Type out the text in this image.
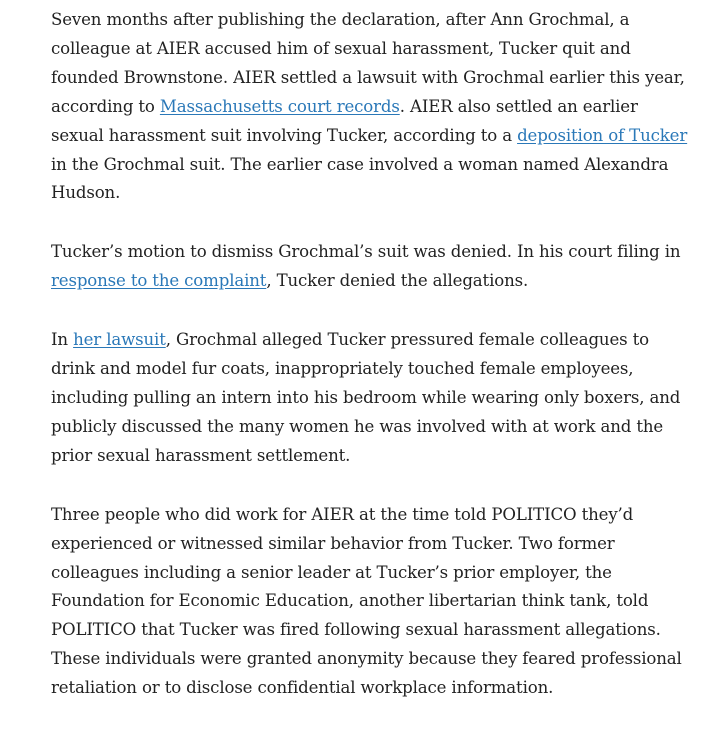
Seven months after publishing the declaration, after Ann Grochmal, a colleague at AIER accused him of sexual harassment, Tucker quit and founded Brownstone. AIER settled a lawsuit with Grochmal earlier this year, according to Massachusetts court records. AIER also settled an earlier sexual harassment suit involving Tucker, according to a deposition of Tucker in the Grochmal suit. The earlier case involved a woman named Alexandra Hudson.

Tucker’s motion to dismiss Grochmal’s suit was denied. In his court filing in response to the complaint, Tucker denied the allegations.

In her lawsuit, Grochmal alleged Tucker pressured female colleagues to drink and model fur coats, inappropriately touched female employees, including pulling an intern into his bedroom while wearing only boxers, and publicly discussed the many women he was involved with at work and the prior sexual harassment settlement.

Three people who did work for AIER at the time told POLITICO they’d experienced or witnessed similar behavior from Tucker. Two former colleagues including a senior leader at Tucker’s prior employer, the Foundation for Economic Education, another libertarian think tank, told POLITICO that Tucker was fired following sexual harassment allegations. These individuals were granted anonymity because they feared professional retaliation or to disclose confidential workplace information.
